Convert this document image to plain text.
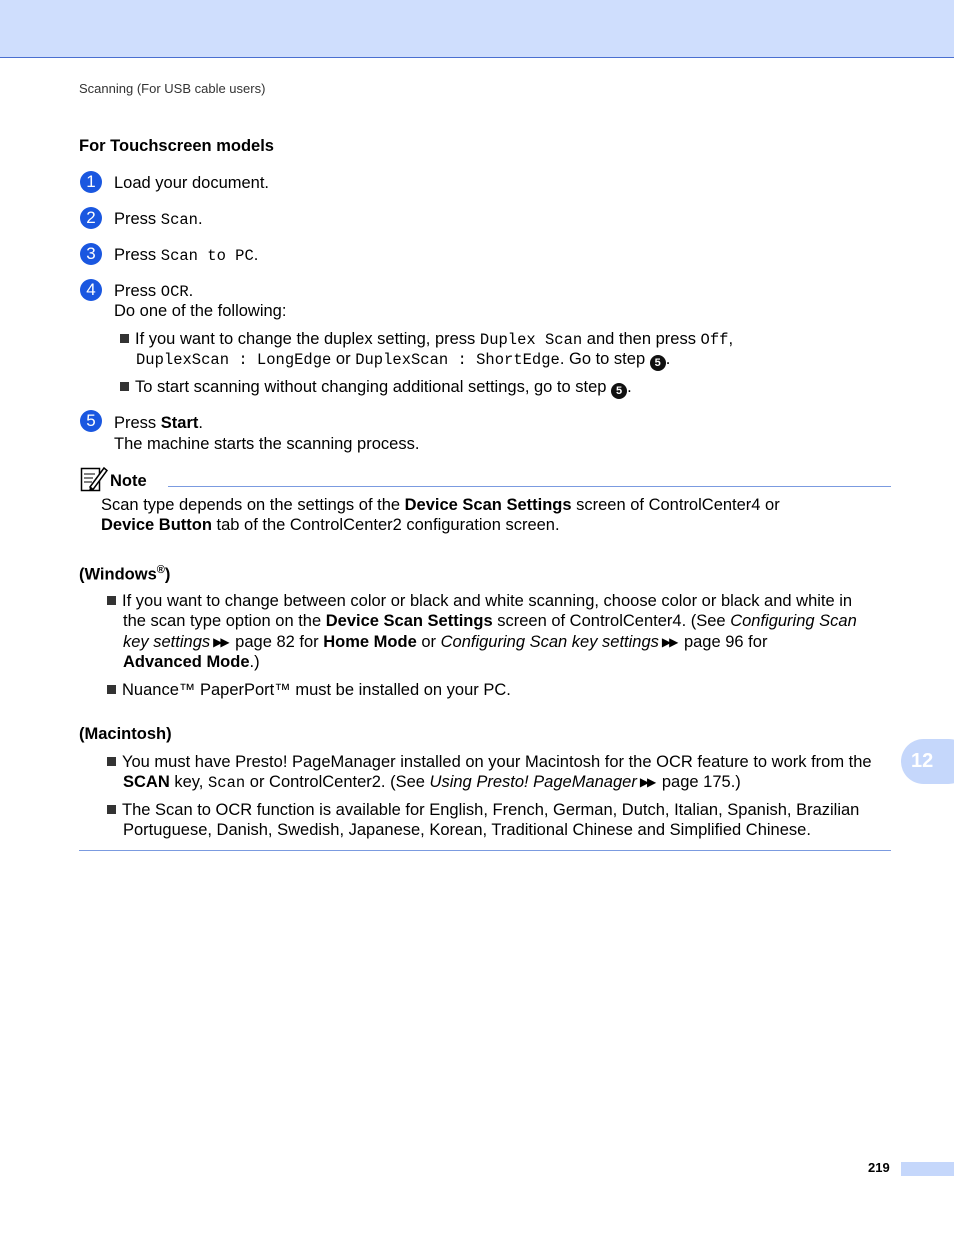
Scanning (For USB cable users)
For Touchscreen models
1	Load your document.
2	Press Scan.
3	Press Scan to PC.
4	Press OCR.
Do one of the following:
If you want to change the duplex setting, press Duplex Scan and then press Off,
DuplexScan : LongEdge or DuplexScan : ShortEdge. Go to step 5 .
To start scanning without changing additional settings, go to step 5 .
5	Press Start.
The machine starts the scanning process.
Note
Scan type depends on the settings of the Device Scan Settings screen of ControlCenter4 or
Device Button tab of the ControlCenter2 configuration screen.
(Windows®)
If you want to change between color or black and white scanning, choose color or black and white in
the scan type option on the Device Scan Settings screen of ControlCenter4. (See Configuring Scan
key settings ▶▶ page 82 for Home Mode or Configuring Scan key settings ▶▶ page 96 for
Advanced Mode.)
Nuance™ PaperPort™ must be installed on your PC.
(Macintosh)
You must have Presto! PageManager installed on your Macintosh for the OCR feature to work from the
SCAN key, Scan or ControlCenter2. (See Using Presto! PageManager ▶▶ page 175.)
The Scan to OCR function is available for English, French, German, Dutch, Italian, Spanish, Brazilian
Portuguese, Danish, Swedish, Japanese, Korean, Traditional Chinese and Simplified Chinese.
12
219
